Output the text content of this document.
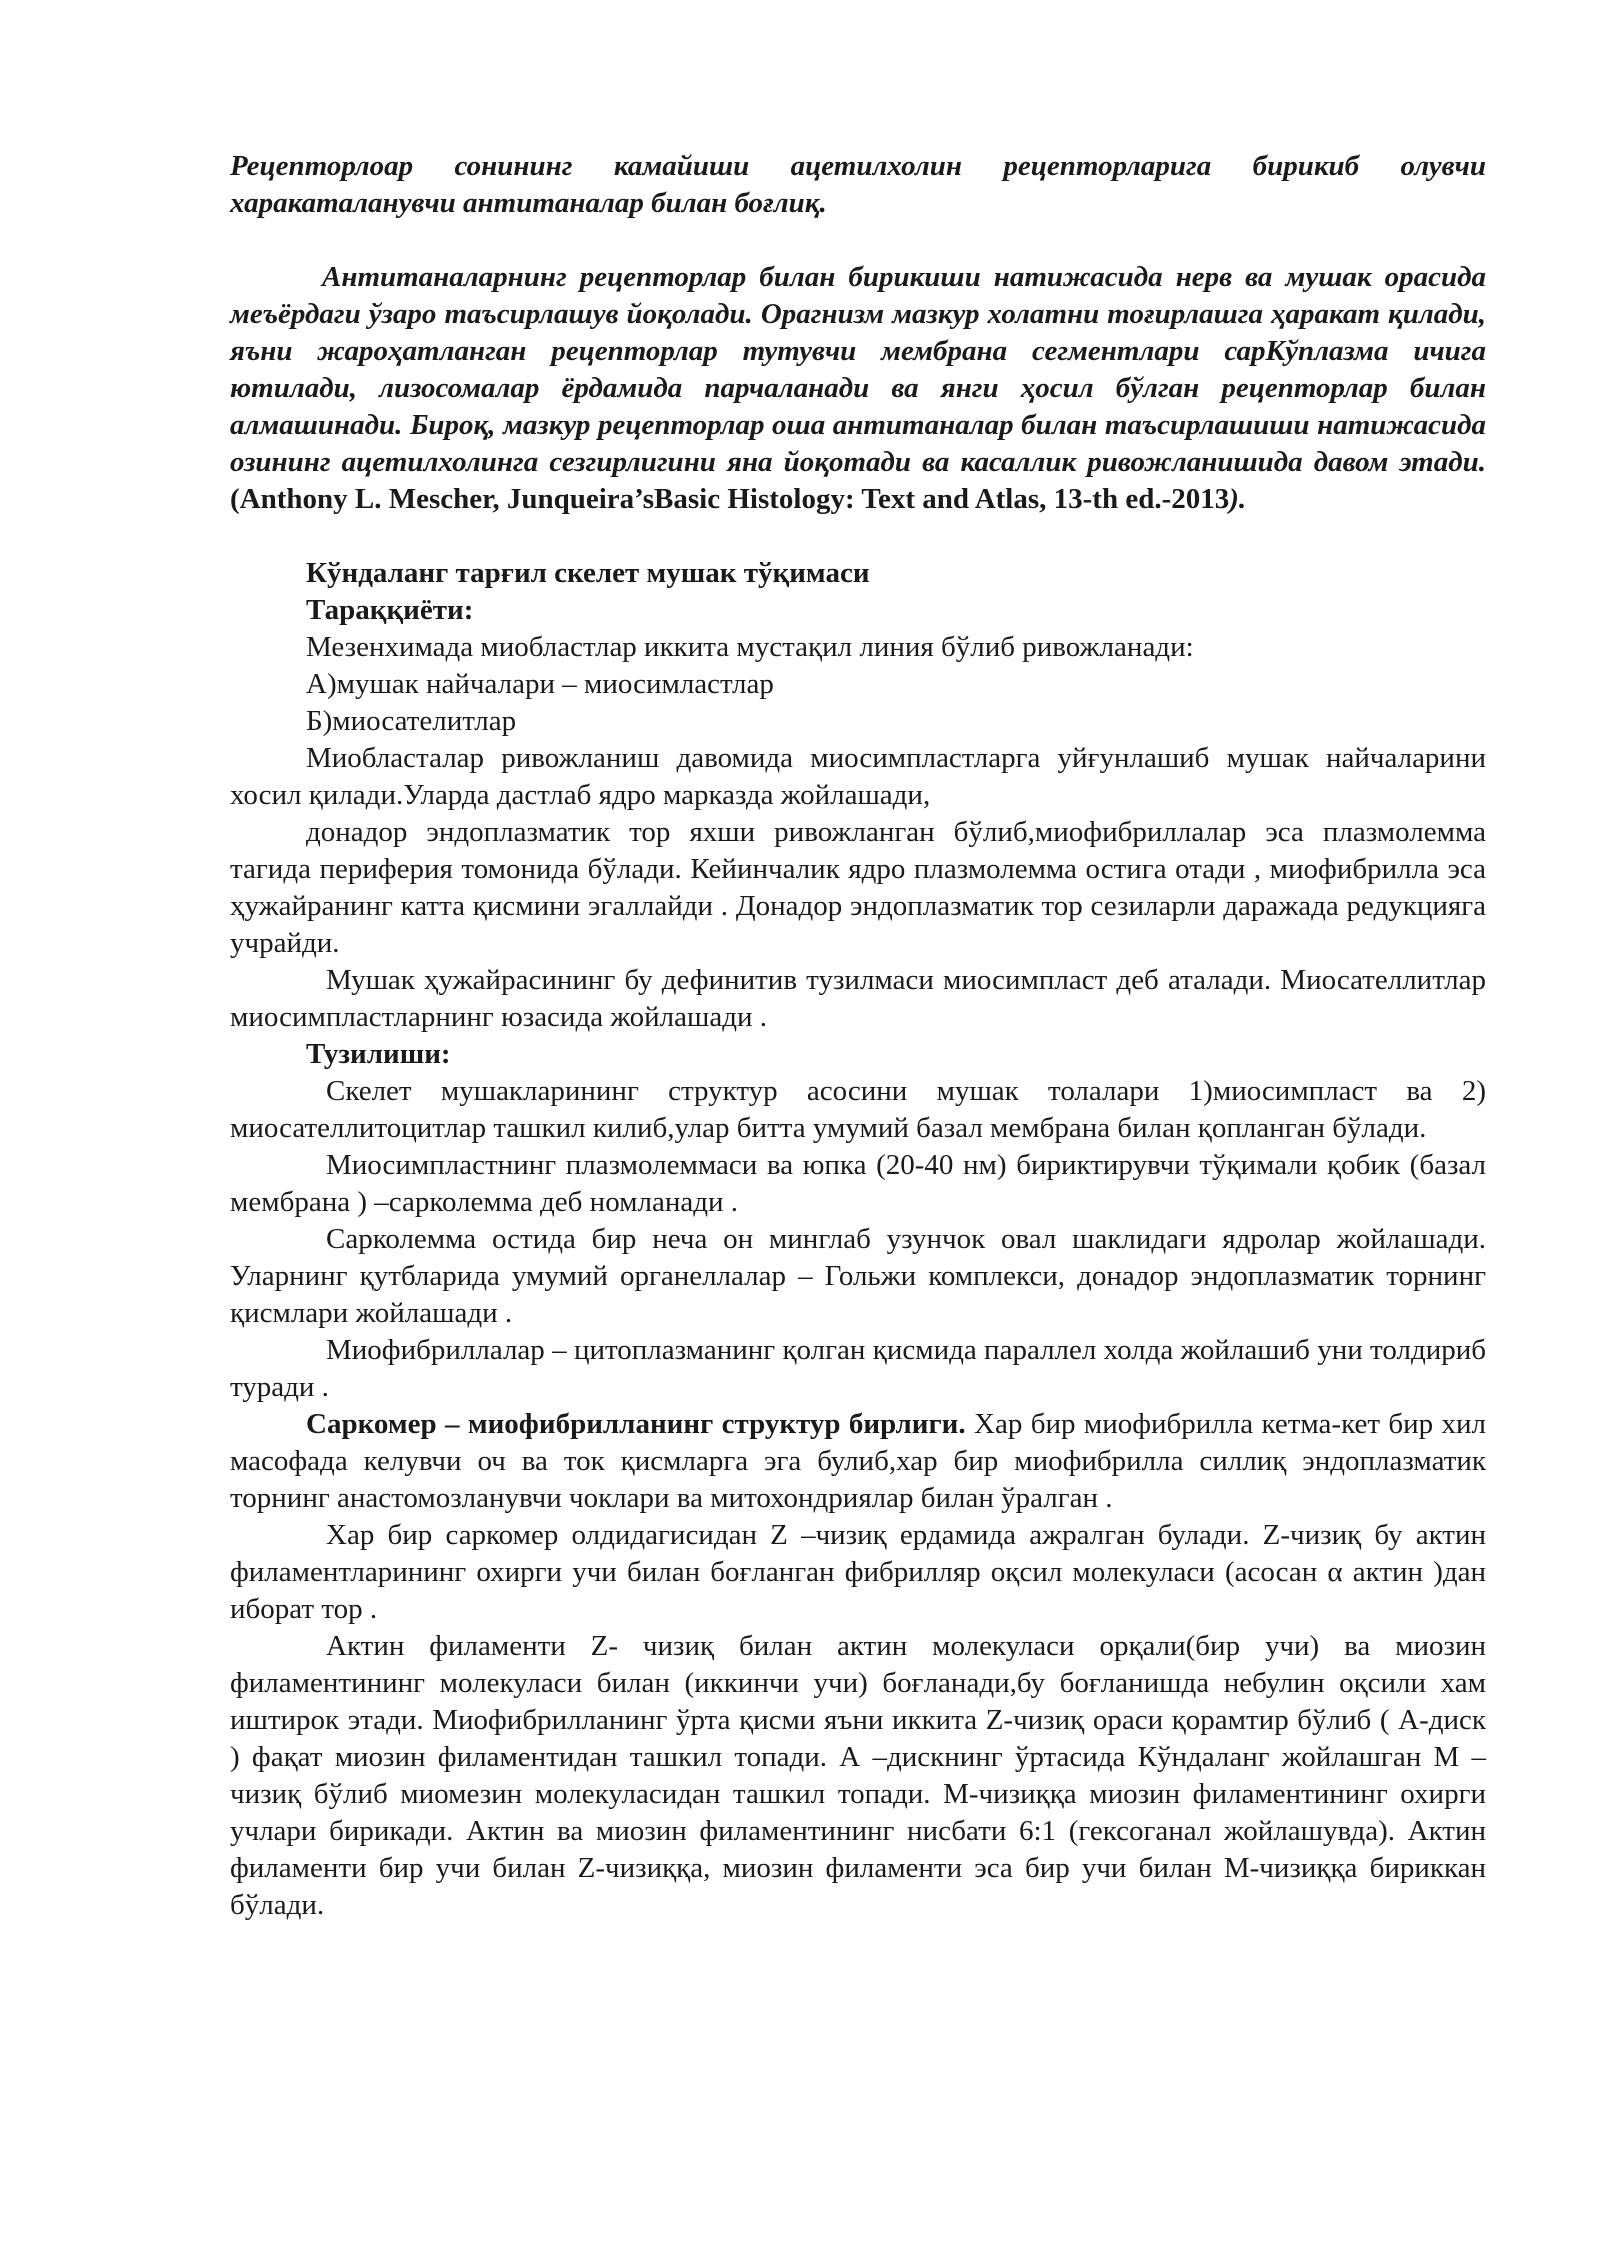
Рецепторлоар сонининг камайиши ацетилхолин рецепторларига бирикиб олувчи харакаталанувчи антитаналар билан боғлиқ.

Антитаналарнинг рецепторлар билан бирикиши натижасида нерв ва мушак орасида меъёрдаги ўзаро таъсирлашув йоқолади. Орагнизм мазкур холатни тоғирлашга ҳаракат қилади, яъни жароҳатланган рецепторлар тутувчи мембрана сегментлари сарКўплазма ичига ютилади, лизосомалар ёрдамида парчаланади ва янги ҳосил бўлган рецепторлар билан алмашинади. Бироқ, мазкур рецепторлар оша антитаналар билан таъсирлашиши натижасида озининг ацетилхолинга сезгирлигини яна йоқотади ва касаллик ривожланишида давом этади. (Anthony L. Mescher, Junqueira’sBasic Histology: Text and Atlas, 13-th ed.-2013).

Кўндаланг тарғил скелет мушак тўқимаси

Тараққиёти:

Мезенхимада миобластлар иккита мустақил линия бўлиб ривожланади:

А)мушак найчалари – миосимластлар

Б)миосателитлар

Миобласталар ривожланиш давомида миосимпластларга уйғунлашиб мушак найчаларини хосил қилади.Уларда дастлаб ядро марказда жойлашади,

донадор эндоплазматик тор яхши ривожланган бўлиб,миофибриллалар эса плазмолемма тагида периферия томонида бўлади. Кейинчалик ядро плазмолемма остига отади , миофибрилла эса ҳужайранинг катта қисмини эгаллайди . Донадор эндоплазматик тор сезиларли даражада редукцияга учрайди.

Мушак ҳужайрасининг бу дефинитив тузилмаси миосимпласт деб аталади. Миосателлитлар миосимпластларнинг юзасида жойлашади .

Тузилиши:

Скелет мушакларининг структур асосини мушак толалари 1)миосимпласт ва 2) миосателлитоцитлар ташкил килиб,улар битта умумий базал мембрана билан қопланган бўлади.

Миосимпластнинг плазмолеммаси ва юпка (20-40 нм) бириктирувчи тўқимали қобик (базал мембрана ) –сарколемма деб номланади .

Сарколемма остида бир неча он минглаб узунчок овал шаклидаги ядролар жойлашади. Уларнинг қутбларида умумий органеллалар – Гольжи комплекси, донадор эндоплазматик торнинг қисмлари жойлашади .

Миофибриллалар – цитоплазманинг қолган қисмида параллел холда жойлашиб уни толдириб туради .

Саркомер – миофибрилланинг структур бирлиги. Хар бир миофибрилла кетма-кет бир хил масофада келувчи оч ва ток қисмларга эга булиб,хар бир миофибрилла силлиқ эндоплазматик торнинг анастомозланувчи чоклари ва митохондриялар билан ўралган .

Хар бир саркомер олдидагисидан Z –чизиқ ердамида ажралган булади. Z-чизиқ бу актин филаментларининг охирги учи билан боғланган фибрилляр оқсил молекуласи (асосан α актин )дан иборат тор .

Актин филаменти Z- чизиқ билан актин молекуласи орқали(бир учи) ва миозин филаментининг молекуласи билан (иккинчи учи) боғланади,бу боғланишда небулин оқсили хам иштирок этади. Миофибрилланинг ўрта қисми яъни иккита Z-чизиқ ораси қорамтир бўлиб ( А-диск ) фақат миозин филаментидан ташкил топади. А –дискнинг ўртасида Кўндаланг жойлашган М – чизиқ бўлиб миомезин молекуласидан ташкил топади. М-чизиққа миозин филаментининг охирги учлари бирикади. Актин ва миозин филаментининг нисбати 6:1 (гексоганал жойлашувда). Актин филаменти бир учи билан Z-чизиққа, миозин филаменти эса бир учи билан М-чизиққа бириккан бўлади.
